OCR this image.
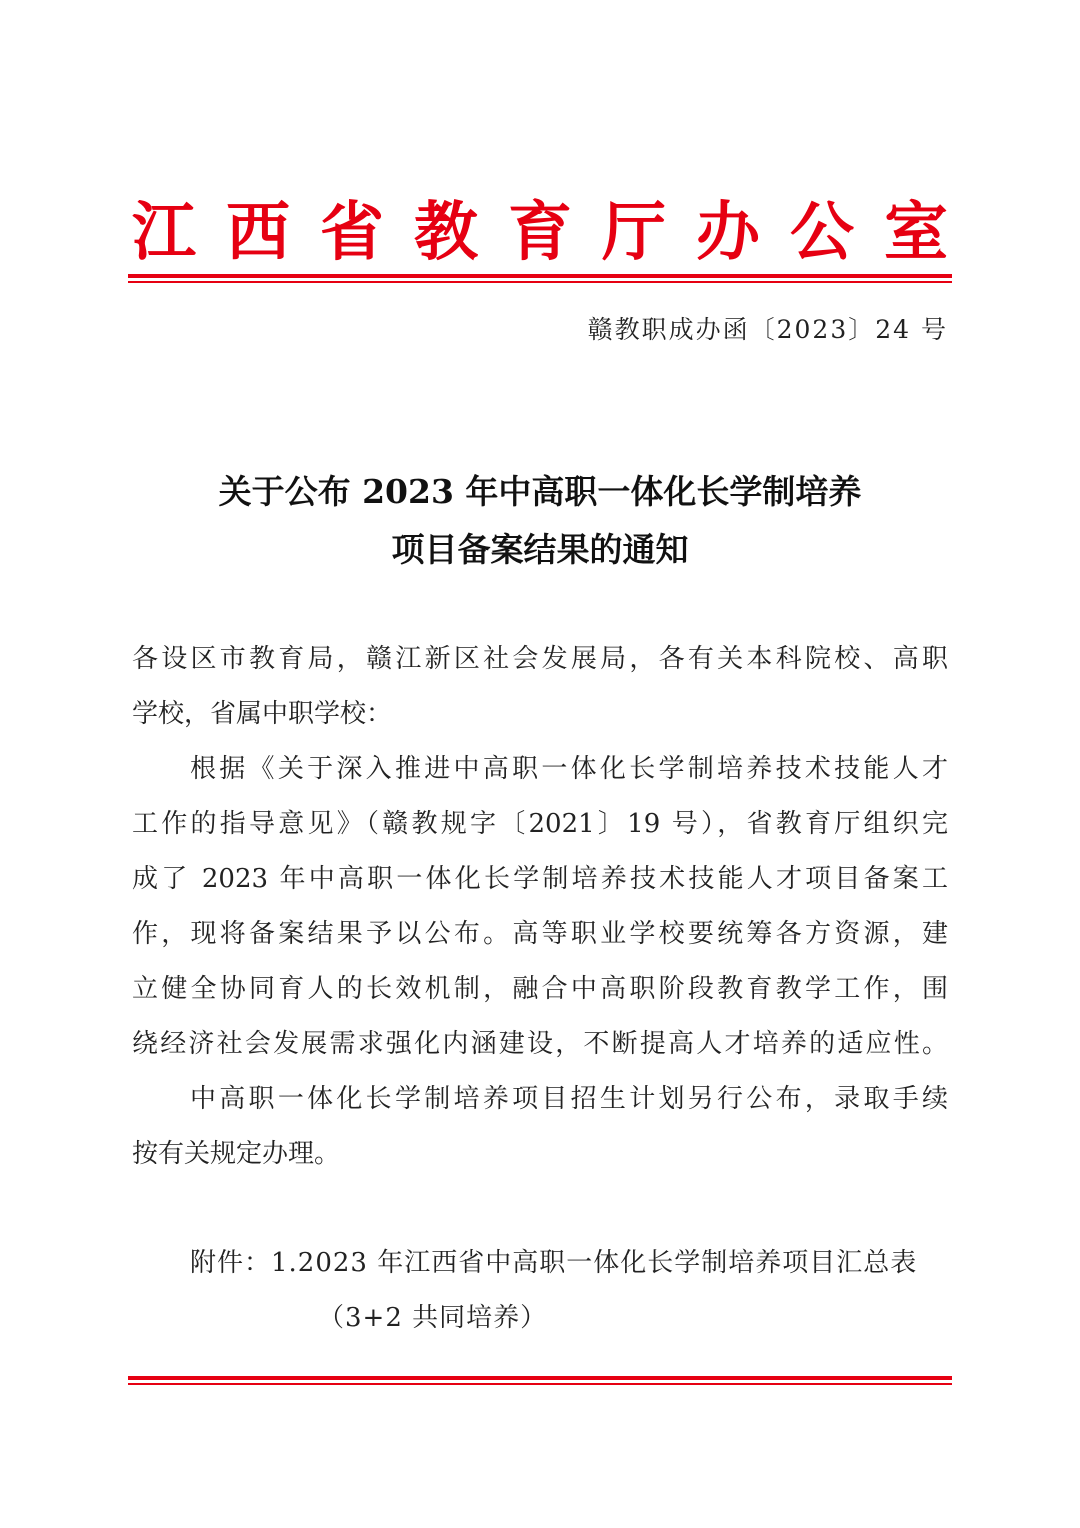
江 西 省 教 育 厅 办 公 室
赣教职成办函〔2023〕24 号
关于公布 2023 年中高职一体化长学制培养
项目备案结果的通知
各设区市教育局，赣江新区社会发展局，各有关本科院校、高职
学校，省属中职学校：
根据《关于深入推进中高职一体化长学制培养技术技能人才
工作的指导意见》（赣教规字〔2021〕19 号），省教育厅组织完
成了 2023 年中高职一体化长学制培养技术技能人才项目备案工
作，现将备案结果予以公布。高等职业学校要统筹各方资源，建
立健全协同育人的长效机制，融合中高职阶段教育教学工作，围
绕经济社会发展需求强化内涵建设，不断提高人才培养的适应性。
中高职一体化长学制培养项目招生计划另行公布，录取手续
按有关规定办理。
附件：1.2023 年江西省中高职一体化长学制培养项目汇总表
（3+2 共同培养）
